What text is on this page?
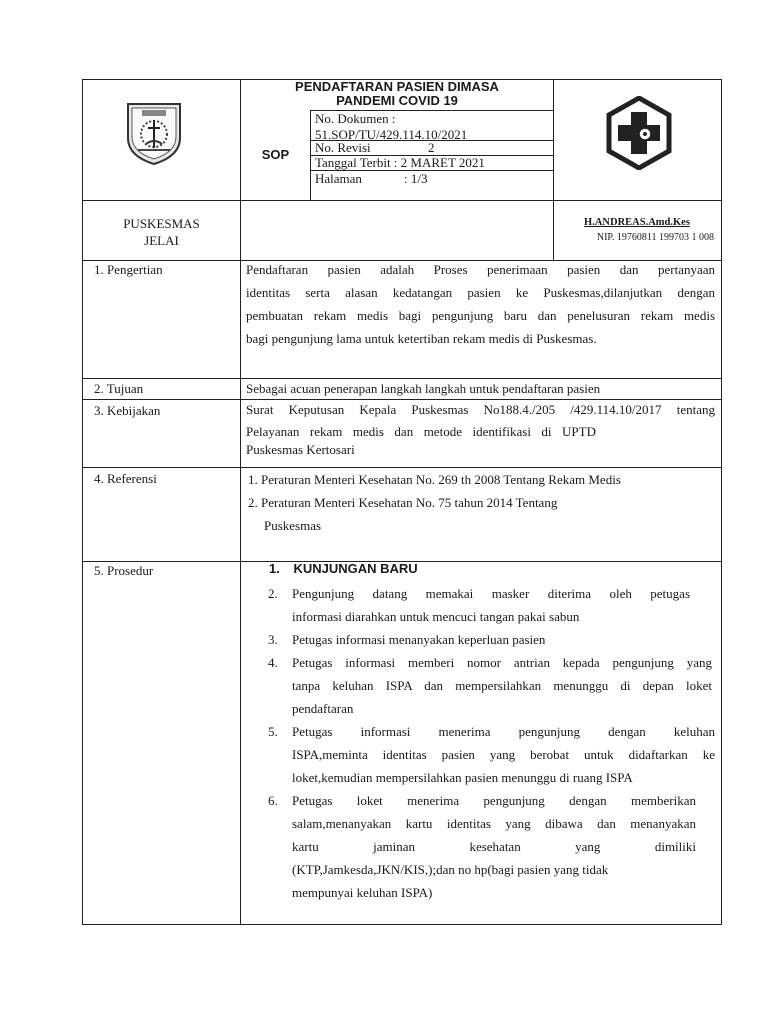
PENDAFTARAN PASIEN DIMASA
PANDEMI COVID 19
SOP
No. Dokumen :
51.SOP/TU/429.114.10/2021
No. Revisi	2
Tanggal Terbit : 2 MARET 2021
Halaman	: 1/3
PUSKESMAS
JELAI
H.ANDREAS.Amd.Kes
NIP. 19760811 199703 1 008
1. Pengertian	Pendaftaran pasien adalah Proses penerimaan pasien dan pertanyaan
identitas serta alasan kedatangan pasien ke Puskesmas,dilanjutkan dengan
pembuatan rekam medis bagi pengunjung baru dan penelusuran rekam medis
bagi pengunjung lama untuk ketertiban rekam medis di Puskesmas.
2. Tujuan	Sebagai acuan penerapan langkah langkah untuk pendaftaran pasien
3. Kebijakan	Surat Keputusan Kepala Puskesmas No188.4./205 /429.114.10/2017 tentang
Pelayanan rekam medis dan metode identifikasi di UPTD
Puskesmas Kertosari
4. Referensi	1. Peraturan Menteri Kesehatan No. 269 th 2008 Tentang Rekam Medis
2. Peraturan Menteri Kesehatan No. 75 tahun 2014 Tentang
Puskesmas
5. Prosedur	1. KUNJUNGAN BARU
2. Pengunjung datang memakai masker diterima oleh petugas
informasi diarahkan untuk mencuci tangan pakai sabun
3. Petugas informasi menanyakan keperluan pasien
4. Petugas informasi memberi nomor antrian kepada pengunjung yang
tanpa keluhan ISPA dan mempersilahkan menunggu di depan loket
pendaftaran
5. Petugas informasi menerima pengunjung dengan keluhan
ISPA,meminta identitas pasien yang berobat untuk didaftarkan ke
loket,kemudian mempersilahkan pasien menunggu di ruang ISPA
6. Petugas loket menerima pengunjung dengan memberikan
salam,menanyakan kartu identitas yang dibawa dan menanyakan
kartu jaminan kesehatan yang dimiliki
(KTP,Jamkesda,JKN/KIS,);dan no hp(bagi pasien yang tidak
mempunyai keluhan ISPA)
